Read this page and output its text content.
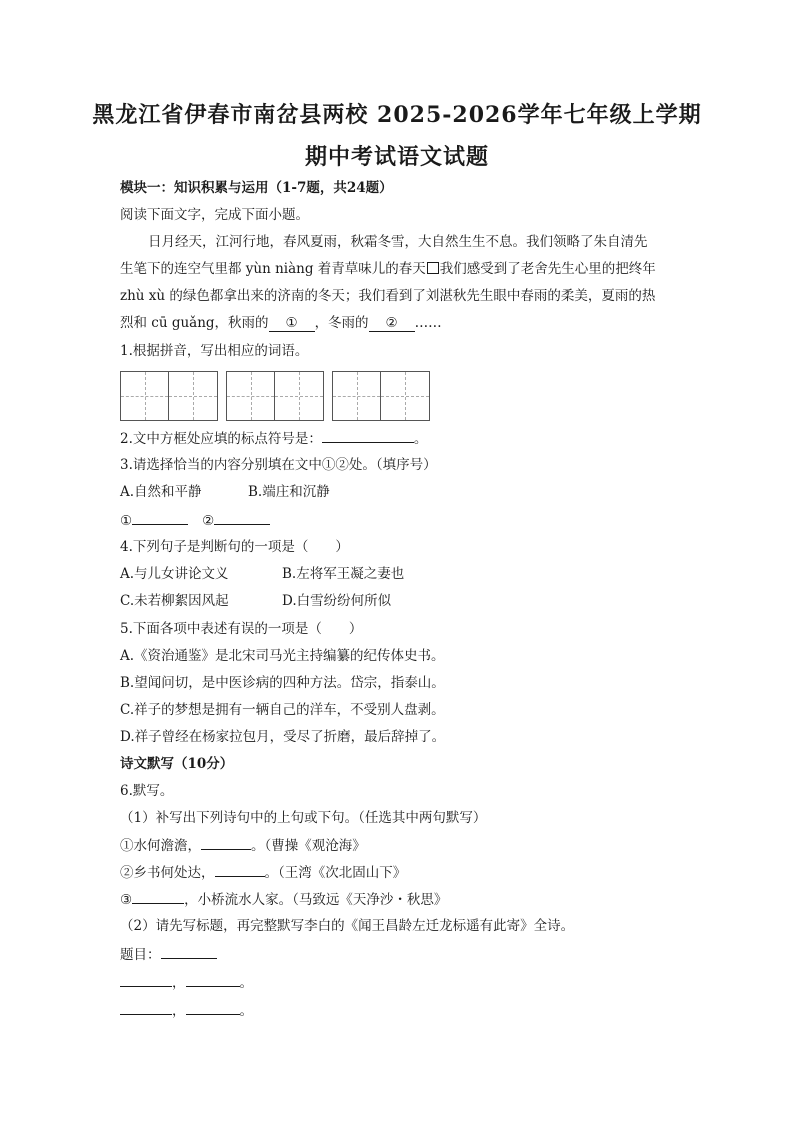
黑龙江省伊春市南岔县两校 2025-2026学年七年级上学期
期中考试语文试题
模块一：知识积累与运用（1-7题，共24题）
阅读下面文字，完成下面小题。
日月经天，江河行地，春风夏雨，秋霜冬雪，大自然生生不息。我们领略了朱自清先
生笔下的连空气里都 yùn niàng 着青草味儿的春天 我们感受到了老舍先生心里的把终年
zhù xù 的绿色都拿出来的济南的冬天；我们看到了刘湛秋先生眼中春雨的柔美，夏雨的热
烈和 cū guǎng，秋雨的 ① ，冬雨的 ② ……
1.根据拼音，写出相应的词语。
2.文中方框处应填的标点符号是：	。
3.请选择恰当的内容分别填在文中①②处。（填序号）
A.自然和平静	B.端庄和沉静
①	②
4.下列句子是判断句的一项是（　　）
A.与儿女讲论文义	B.左将军王凝之妻也
C.未若柳絮因风起	D.白雪纷纷何所似
5.下面各项中表述有误的一项是（　　）
A.《资治通鉴》是北宋司马光主持编纂的纪传体史书。
B.望闻问切，是中医诊病的四种方法。岱宗，指泰山。
C.祥子的梦想是拥有一辆自己的洋车，不受别人盘剥。
D.祥子曾经在杨家拉包月，受尽了折磨，最后辞掉了。
诗文默写（10分）
6.默写。
（1）补写出下列诗句中的上句或下句。（任选其中两句默写）
①水何澹澹，	。（曹操《观沧海》
②乡书何处达，	。（王湾《次北固山下》
③	，小桥流水人家。（马致远《天净沙・秋思》
（2）请先写标题，再完整默写李白的《闻王昌龄左迁龙标遥有此寄》全诗。
题目：
，	。
，	。
